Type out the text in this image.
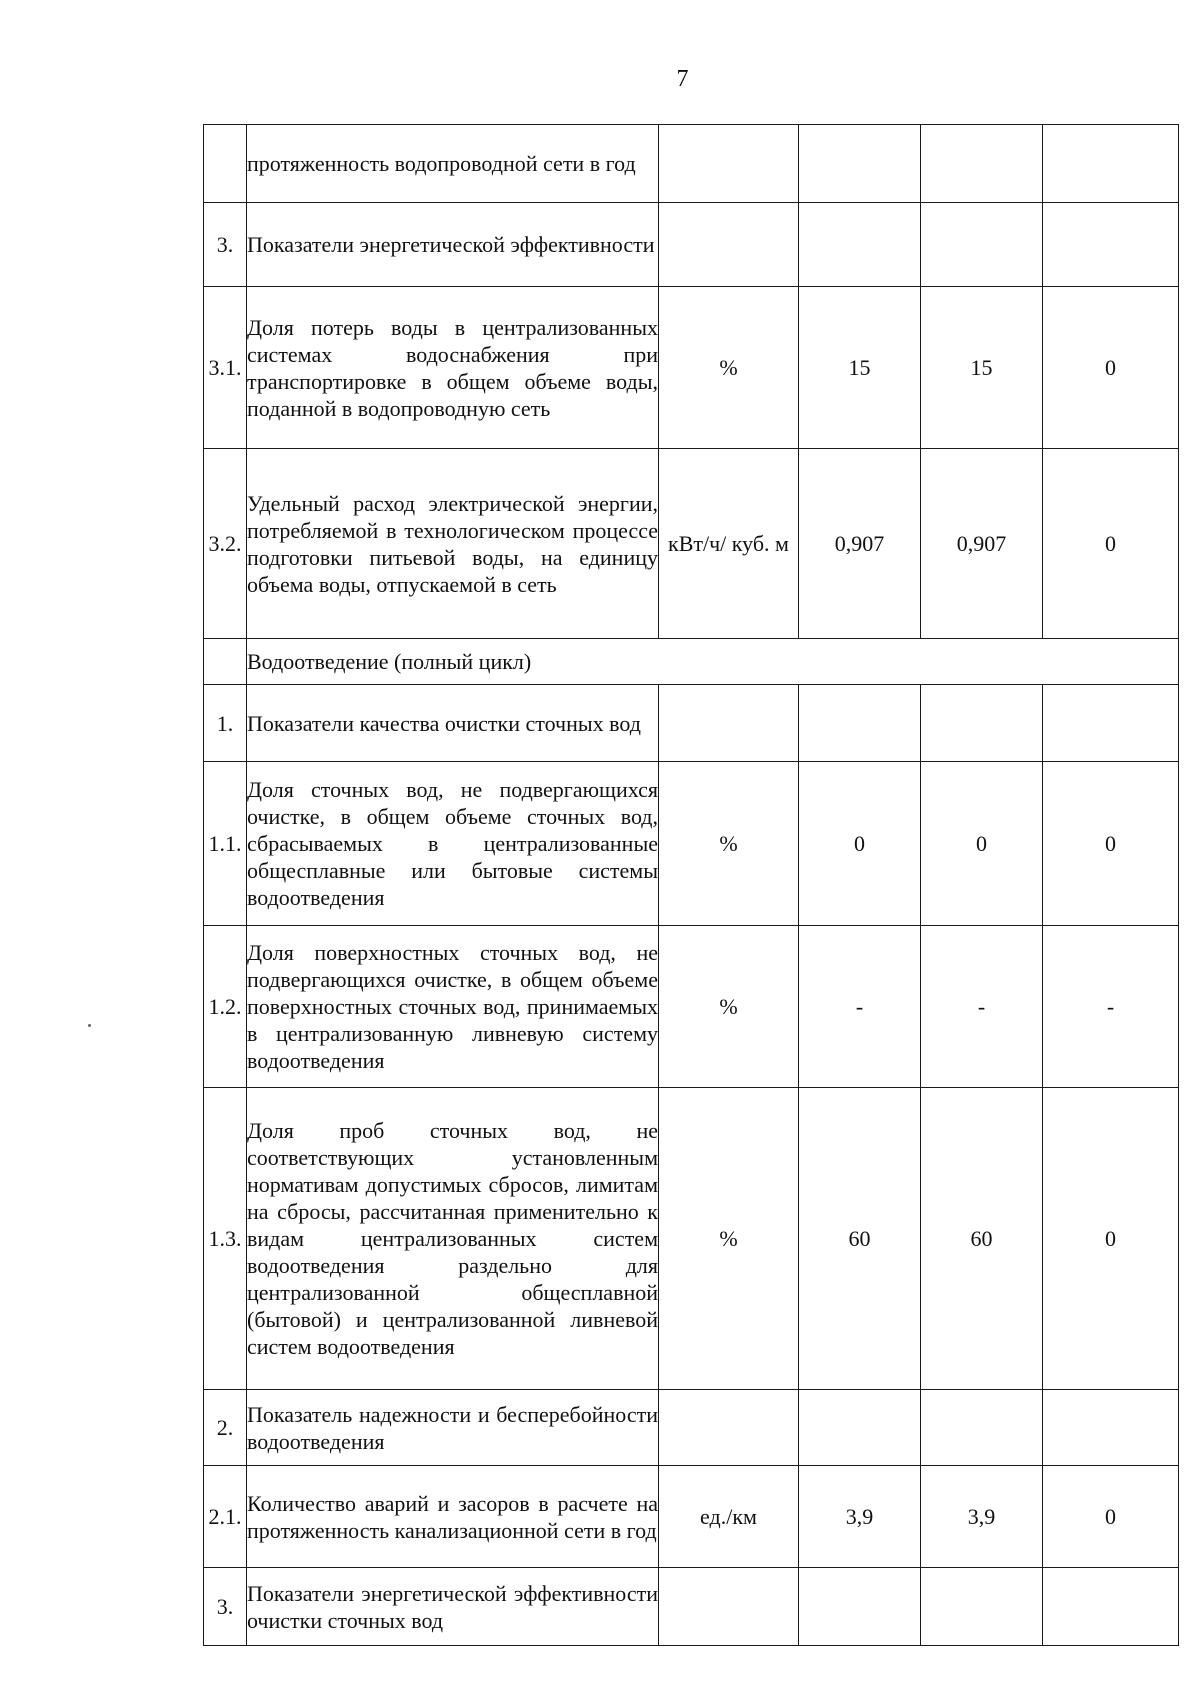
7
	протяженность водопроводной сети в год				
3.	Показатели энергетической эффективности				
3.1.	Доля потерь воды в централизованных системах водоснабжения при транспортировке в общем объеме воды, поданной в водопроводную сеть	%	15	15	0
3.2.	Удельный расход электрической энергии, потребляемой в технологическом процессе подготовки питьевой воды, на единицу объема воды, отпускаемой в сеть	кВт/ч/ куб. м	0,907	0,907	0
	Водоотведение (полный цикл)				
1.	Показатели качества очистки сточных вод				
1.1.	Доля сточных вод, не подвергающихся очистке, в общем объеме сточных вод, сбрасываемых в централизованные общесплавные или бытовые системы водоотведения	%	0	0	0
1.2.	Доля поверхностных сточных вод, не подвергающихся очистке, в общем объеме поверхностных сточных вод, принимаемых в централизованную ливневую систему водоотведения	%	-	-	-
1.3.	Доля проб сточных вод, не соответствующих установленным нормативам допустимых сбросов, лимитам на сбросы, рассчитанная применительно к видам централизованных систем водоотведения раздельно для централизованной общесплавной (бытовой) и централизованной ливневой систем водоотведения	%	60	60	0
2.	Показатель надежности и бесперебойности водоотведения				
2.1.	Количество аварий и засоров в расчете на протяженность канализационной сети в год	ед./км	3,9	3,9	0
3.	Показатели энергетической эффективности очистки сточных вод				
